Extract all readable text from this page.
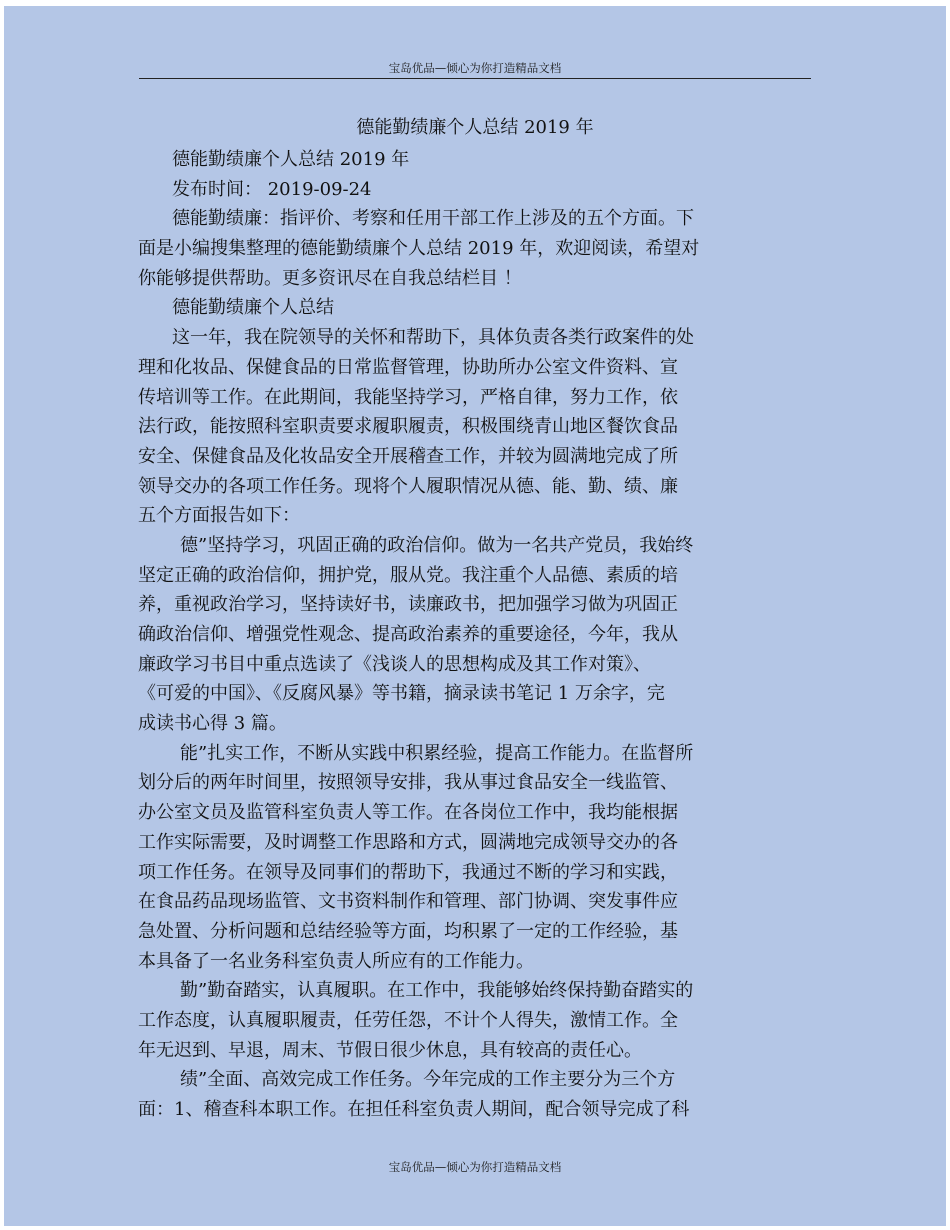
宝岛优品—倾心为你打造精品文档
德能勤绩廉个人总结 2019 年
德能勤绩廉个人总结 2019 年
发布时间： 2019-09-24
德能勤绩廉：指评价、考察和任用干部工作上涉及的五个方面。下
面是小编搜集整理的德能勤绩廉个人总结 2019 年，欢迎阅读，希望对
你能够提供帮助。更多资讯尽在自我总结栏目 ！
德能勤绩廉个人总结
这一年，我在院领导的关怀和帮助下，具体负责各类行政案件的处
理和化妆品、保健食品的日常监督管理，协助所办公室文件资料、宣
传培训等工作。在此期间，我能坚持学习，严格自律，努力工作，依
法行政，能按照科室职责要求履职履责，积极围绕青山地区餐饮食品
安全、保健食品及化妆品安全开展稽查工作，并较为圆满地完成了所
领导交办的各项工作任务。现将个人履职情况从德、能、勤、绩、廉
五个方面报告如下：
德”坚持学习，巩固正确的政治信仰。做为一名共产党员，我始终
坚定正确的政治信仰，拥护党，服从党。我注重个人品德、素质的培
养，重视政治学习，坚持读好书，读廉政书，把加强学习做为巩固正
确政治信仰、增强党性观念、提高政治素养的重要途径，今年，我从
廉政学习书目中重点选读了《浅谈人的思想构成及其工作对策》、
《可爱的中国》、《反腐风暴》等书籍，摘录读书笔记 1 万余字，完
成读书心得 3 篇。
能”扎实工作，不断从实践中积累经验，提高工作能力。在监督所
划分后的两年时间里，按照领导安排，我从事过食品安全一线监管、
办公室文员及监管科室负责人等工作。在各岗位工作中，我均能根据
工作实际需要，及时调整工作思路和方式，圆满地完成领导交办的各
项工作任务。在领导及同事们的帮助下，我通过不断的学习和实践，
在食品药品现场监管、文书资料制作和管理、部门协调、突发事件应
急处置、分析问题和总结经验等方面，均积累了一定的工作经验，基
本具备了一名业务科室负责人所应有的工作能力。
勤”勤奋踏实，认真履职。在工作中，我能够始终保持勤奋踏实的
工作态度，认真履职履责，任劳任怨，不计个人得失，激情工作。全
年无迟到、早退，周末、节假日很少休息，具有较高的责任心。
绩”全面、高效完成工作任务。今年完成的工作主要分为三个方
面：1、稽查科本职工作。在担任科室负责人期间，配合领导完成了科
宝岛优品—倾心为你打造精品文档
